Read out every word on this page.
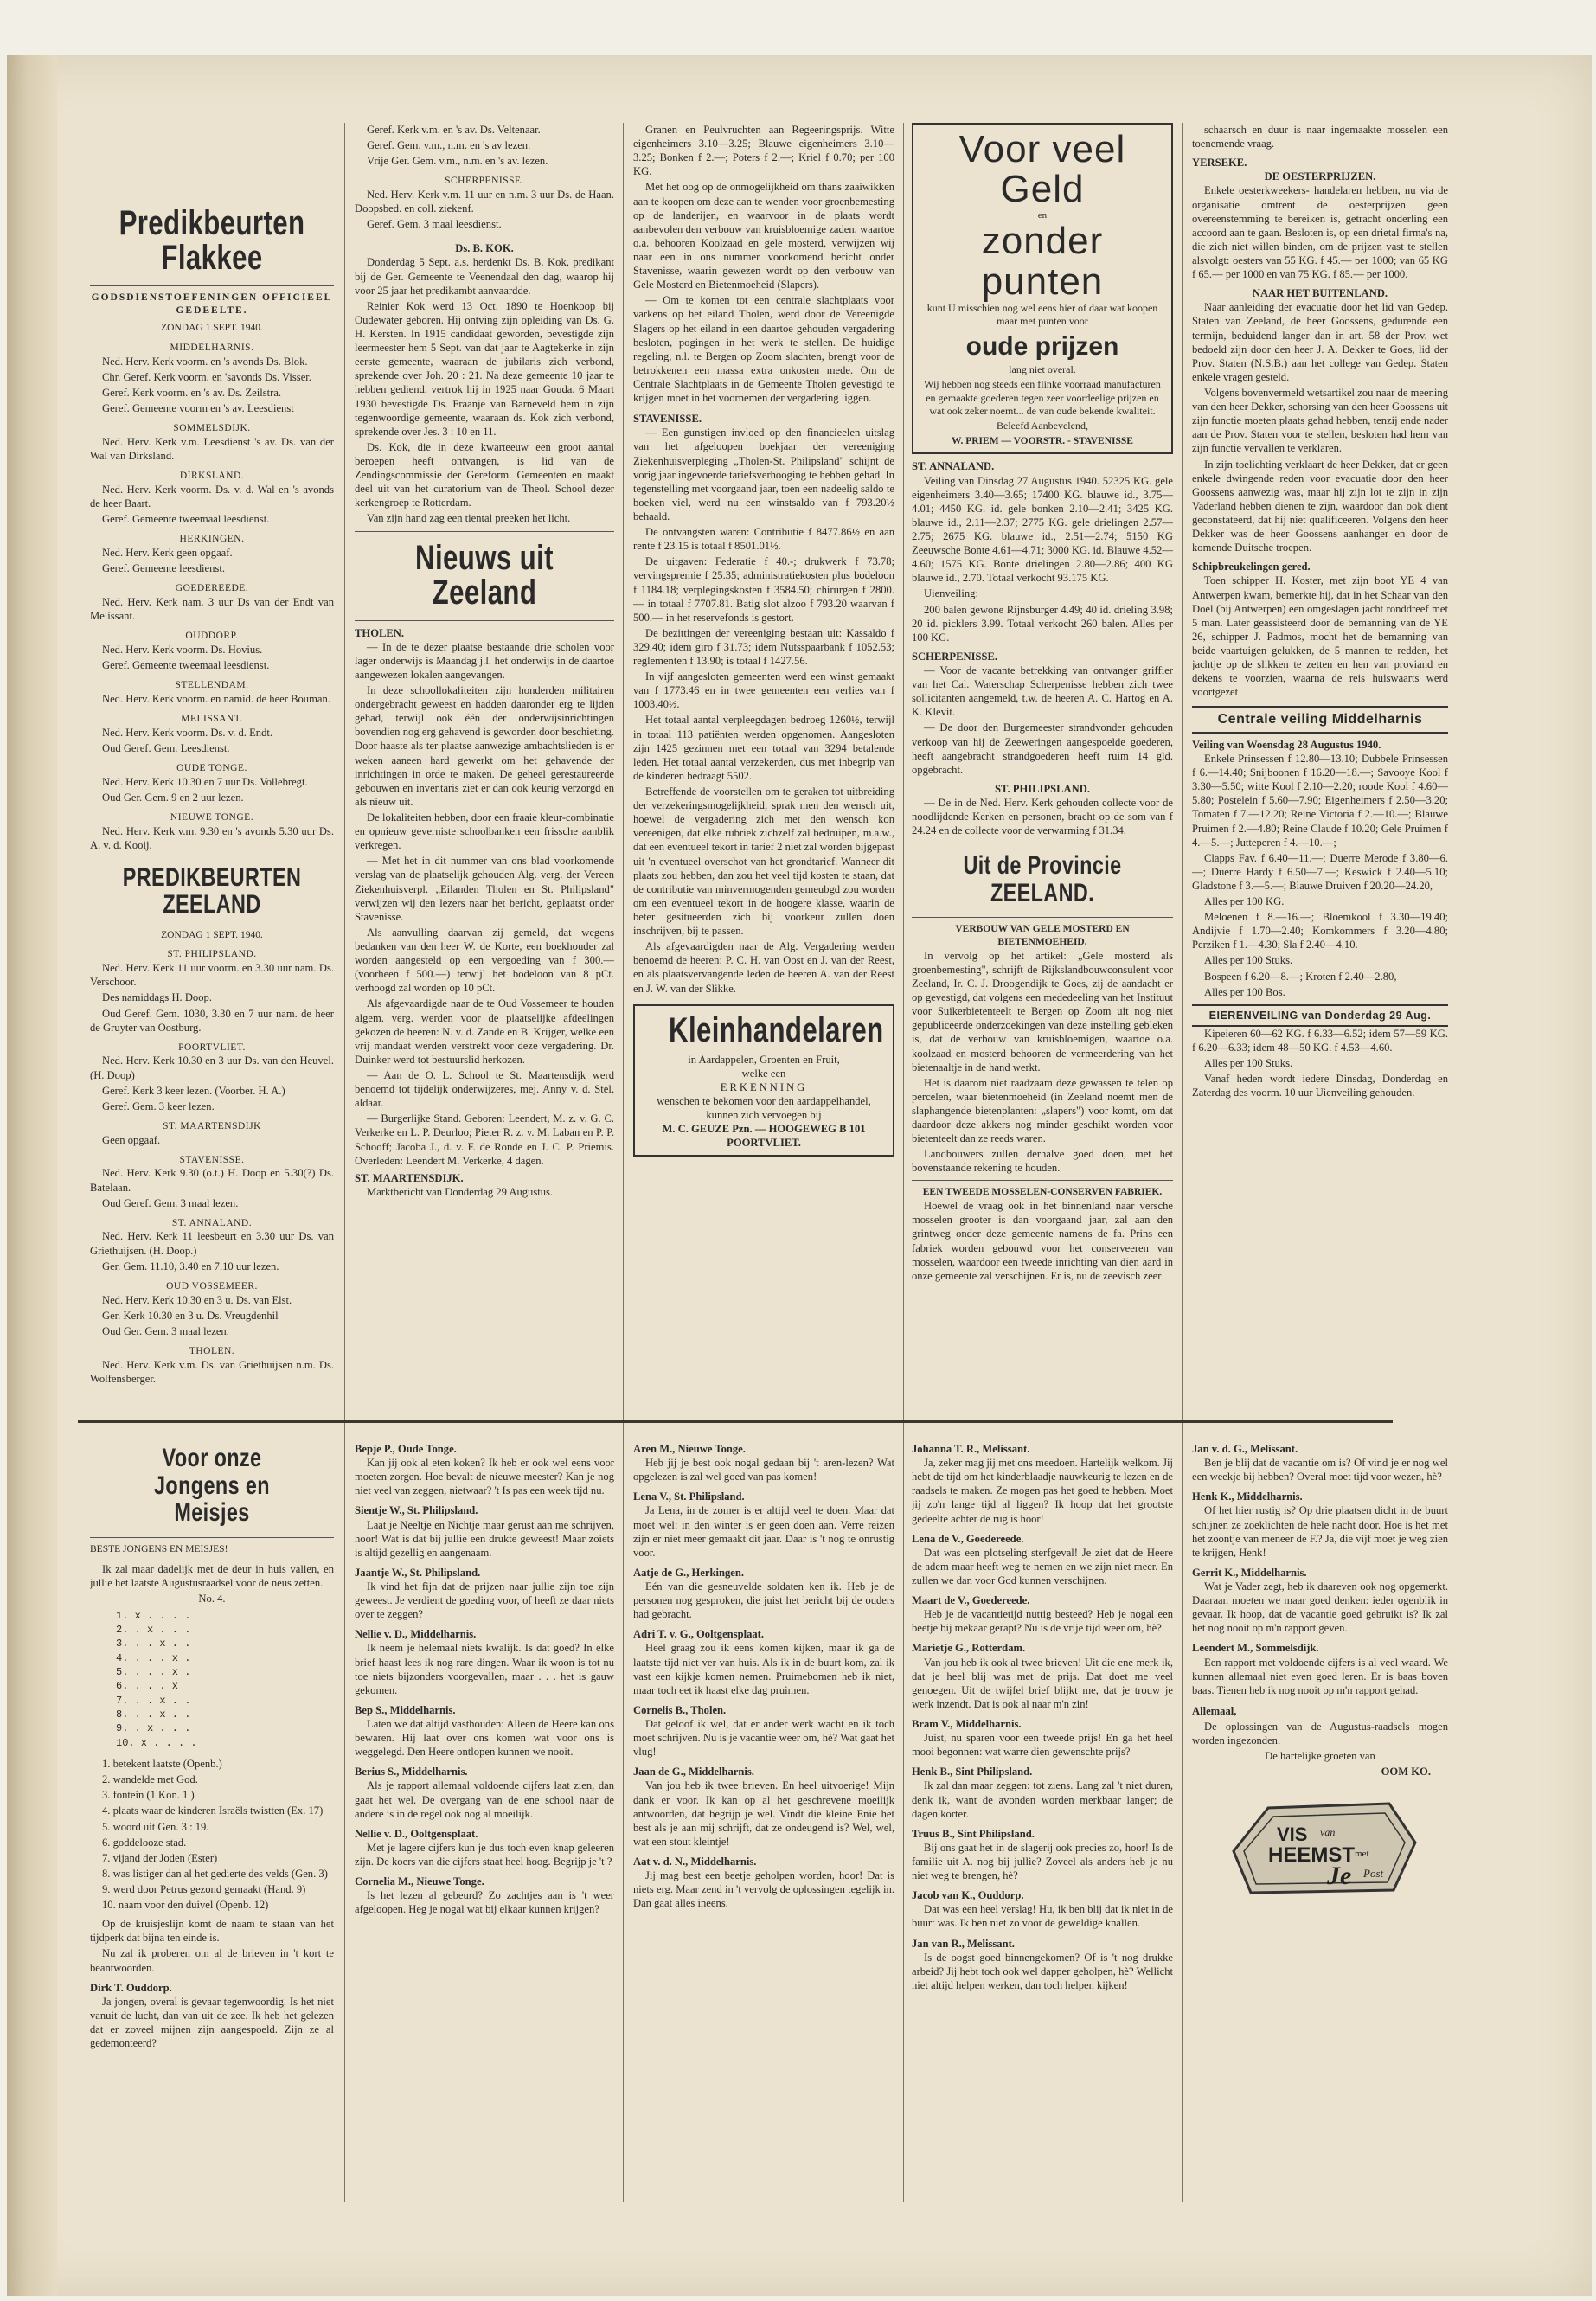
Predikbeurten Flakkee
GODSDIENSTOEFENINGEN OFFICIEEL GEDEELTE.
ZONDAG 1 SEPT. 1940.
MIDDELHARNIS.

Ned. Herv. Kerk voorm. en 's avonds Ds. Blok.

Chr. Geref. Kerk voorm. en 'savonds Ds. Visser.

Geref. Kerk voorm. en 's av. Ds. Zeilstra.

Geref. Gemeente voorm en 's av. Leesdienst

SOMMELSDIJK.

Ned. Herv. Kerk v.m. Leesdienst 's av. Ds. van der Wal van Dirksland.

DIRKSLAND.

Ned. Herv. Kerk voorm. Ds. v. d. Wal en 's avonds de heer Baart.

Geref. Gemeente tweemaal leesdienst.

HERKINGEN.

Ned. Herv. Kerk geen opgaaf.

Geref. Gemeente leesdienst.

GOEDEREEDE.

Ned. Herv. Kerk nam. 3 uur Ds van der Endt van Melissant.

OUDDORP.

Ned. Herv. Kerk voorm. Ds. Hovius.

Geref. Gemeente tweemaal leesdienst.

STELLENDAM.

Ned. Herv. Kerk voorm. en namid. de heer Bouman.

MELISSANT.

Ned. Herv. Kerk voorm. Ds. v. d. Endt.

Oud Geref. Gem. Leesdienst.

OUDE TONGE.

Ned. Herv. Kerk 10.30 en 7 uur Ds. Vollebregt.

Oud Ger. Gem. 9 en 2 uur lezen.

NIEUWE TONGE.

Ned. Herv. Kerk v.m. 9.30 en 's avonds 5.30 uur Ds. A. v. d. Kooij.

PREDIKBEURTEN ZEELAND
ZONDAG 1 SEPT. 1940.
ST. PHILIPSLAND.

Ned. Herv. Kerk 11 uur voorm. en 3.30 uur nam. Ds. Verschoor.

Des namiddags H. Doop.

Oud Geref. Gem. 1030, 3.30 en 7 uur nam. de heer de Gruyter van Oostburg.

POORTVLIET.

Ned. Herv. Kerk 10.30 en 3 uur Ds. van den Heuvel. (H. Doop)

Geref. Kerk 3 keer lezen. (Voorber. H. A.)

Geref. Gem. 3 keer lezen.

ST. MAARTENSDIJK

Geen opgaaf.

STAVENISSE.

Ned. Herv. Kerk 9.30 (o.t.) H. Doop en 5.30(?) Ds. Batelaan.

Oud Geref. Gem. 3 maal lezen.

ST. ANNALAND.

Ned. Herv. Kerk 11 leesbeurt en 3.30 uur Ds. van Griethuijsen. (H. Doop.)

Ger. Gem. 11.10, 3.40 en 7.10 uur lezen.

OUD VOSSEMEER.

Ned. Herv. Kerk 10.30 en 3 u. Ds. van Elst.

Ger. Kerk 10.30 en 3 u. Ds. Vreugdenhil

Oud Ger. Gem. 3 maal lezen.

THOLEN.

Ned. Herv. Kerk v.m. Ds. van Griethuijsen n.m. Ds. Wolfensberger.

Geref. Kerk v.m. en 's av. Ds. Veltenaar.

Geref. Gem. v.m., n.m. en 's av lezen.

Vrije Ger. Gem. v.m., n.m. en 's av. lezen.

SCHERPENISSE.

Ned. Herv. Kerk v.m. 11 uur en n.m. 3 uur Ds. de Haan. Doopsbed. en coll. ziekenf.

Geref. Gem. 3 maal leesdienst.

Ds. B. KOK.

Donderdag 5 Sept. a.s. herdenkt Ds. B. Kok, predikant bij de Ger. Gemeente te Veenendaal den dag, waarop hij voor 25 jaar het predikambt aanvaardde.

Reinier Kok werd 13 Oct. 1890 te Hoenkoop bij Oudewater geboren. Hij ontving zijn opleiding van Ds. G. H. Kersten. In 1915 candidaat geworden, bevestigde zijn leermeester hem 5 Sept. van dat jaar te Aagtekerke in zijn eerste gemeente, waaraan de jubilaris zich verbond, sprekende over Joh. 20 : 21. Na deze gemeente 10 jaar te hebben gediend, vertrok hij in 1925 naar Gouda. 6 Maart 1930 bevestigde Ds. Fraanje van Barneveld hem in zijn tegenwoordige gemeente, waaraan ds. Kok zich verbond, sprekende over Jes. 3 : 10 en 11.

Ds. Kok, die in deze kwarteeuw een groot aantal beroepen heeft ontvangen, is lid van de Zendingscommissie der Gereform. Gemeenten en maakt deel uit van het curatorium van de Theol. School dezer kerkengroep te Rotterdam.

Van zijn hand zag een tiental preeken het licht.

Nieuws uit Zeeland
THOLEN.

— In de te dezer plaatse bestaande drie scholen voor lager onderwijs is Maandag j.l. het onderwijs in de daartoe aangewezen lokalen aangevangen.

In deze schoollokaliteiten zijn honderden militairen ondergebracht geweest en hadden daaronder erg te lijden gehad, terwijl ook één der onderwijsinrichtingen bovendien nog erg gehavend is geworden door beschieting. Door haaste als ter plaatse aanwezige ambachtslieden is er weken aaneen hard gewerkt om het gehavende der inrichtingen in orde te maken. De geheel gerestaureerde gebouwen en inventaris ziet er dan ook keurig verzorgd en als nieuw uit.

De lokaliteiten hebben, door een fraaie kleur-combinatie en opnieuw geverniste schoolbanken een frissche aanblik verkregen.

— Met het in dit nummer van ons blad voorkomende verslag van de plaatselijk gehouden Alg. verg. der Vereen Ziekenhuisverpl. „Eilanden Tholen en St. Philipsland" verwijzen wij den lezers naar het bericht, geplaatst onder Stavenisse.

Als aanvulling daarvan zij gemeld, dat wegens bedanken van den heer W. de Korte, een boekhouder zal worden aangesteld op een vergoeding van f 300.— (voorheen f 500.—) terwijl het bodeloon van 8 pCt. verhoogd zal worden op 10 pCt.

Als afgevaardigde naar de te Oud Vossemeer te houden algem. verg. werden voor de plaatselijke afdeelingen gekozen de heeren: N. v. d. Zande en B. Krijger, welke een vrij mandaat werden verstrekt voor deze vergadering. Dr. Duinker werd tot bestuurslid herkozen.

— Aan de O. L. School te St. Maartensdijk werd benoemd tot tijdelijk onderwijzeres, mej. Anny v. d. Stel, aldaar.

— Burgerlijke Stand. Geboren: Leendert, M. z. v. G. C. Verkerke en L. P. Deurloo; Pieter R. z. v. M. Laban en P. P. Schooff; Jacoba J., d. v. F. de Ronde en J. C. P. Priemis. Overleden: Leendert M. Verkerke, 4 dagen.

ST. MAARTENSDIJK.

Marktbericht van Donderdag 29 Augustus.

Granen en Peulvruchten aan Regeeringsprijs. Witte eigenheimers 3.10—3.25; Blauwe eigenheimers 3.10—3.25; Bonken f 2.—; Poters f 2.—; Kriel f 0.70; per 100 KG.

Met het oog op de onmogelijkheid om thans zaaiwikken aan te koopen om deze aan te wenden voor groenbemesting op de landerijen, en waarvoor in de plaats wordt aanbevolen den verbouw van kruisbloemige zaden, waartoe o.a. behooren Koolzaad en gele mosterd, verwijzen wij naar een in ons nummer voorkomend bericht onder Stavenisse, waarin gewezen wordt op den verbouw van Gele Mosterd en Bietenmoeheid (Slapers).

— Om te komen tot een centrale slachtplaats voor varkens op het eiland Tholen, werd door de Vereenigde Slagers op het eiland in een daartoe gehouden vergadering besloten, pogingen in het werk te stellen. De huidige regeling, n.l. te Bergen op Zoom slachten, brengt voor de betrokkenen een massa extra onkosten mede. Om de Centrale Slachtplaats in de Gemeente Tholen gevestigd te krijgen moet in het voornemen der vergadering liggen.

STAVENISSE.

— Een gunstigen invloed op den financieelen uitslag van het afgeloopen boekjaar der vereeniging Ziekenhuisverpleging „Tholen-St. Philipsland" schijnt de vorig jaar ingevoerde tariefsverhooging te hebben gehad. In tegenstelling met voorgaand jaar, toen een nadeelig saldo te boeken viel, werd nu een winstsaldo van f 793.20½ behaald.

De ontvangsten waren: Contributie f 8477.86½ en aan rente f 23.15 is totaal f 8501.01½.

De uitgaven: Federatie f 40.-; drukwerk f 73.78; vervingspremie f 25.35; administratiekosten plus bodeloon f 1184.18; verplegingskosten f 3584.50; chirurgen f 2800.— in totaal f 7707.81. Batig slot alzoo f 793.20 waarvan f 500.— in het reservefonds is gestort.

De bezittingen der vereeniging bestaan uit: Kassaldo f 329.40; idem giro f 31.73; idem Nutsspaarbank f 1052.53; reglementen f 13.90; is totaal f 1427.56.

In vijf aangesloten gemeenten werd een winst gemaakt van f 1773.46 en in twee gemeenten een verlies van f 1003.40½.

Het totaal aantal verpleegdagen bedroeg 1260½, terwijl in totaal 113 patiënten werden opgenomen. Aangesloten zijn 1425 gezinnen met een totaal van 3294 betalende leden. Het totaal aantal verzekerden, dus met inbegrip van de kinderen bedraagt 5502.

Betreffende de voorstellen om te geraken tot uitbreiding der verzekeringsmogelijkheid, sprak men den wensch uit, hoewel de vergadering zich met den wensch kon vereenigen, dat elke rubriek zichzelf zal bedruipen, m.a.w., dat een eventueel tekort in tarief 2 niet zal worden bijgepast uit 'n eventueel overschot van het grondtarief. Wanneer dit plaats zou hebben, dan zou het veel tijd kosten te staan, dat de contributie van minvermogenden gemeubgd zou worden om een eventueel tekort in de hoogere klasse, waarin de beter gesitueerden zich bij voorkeur zullen doen inschrijven, bij te passen.

Als afgevaardigden naar de Alg. Vergadering werden benoemd de heeren: P. C. H. van Oost en J. van der Reest, en als plaatsvervangende leden de heeren A. van der Reest en J. W. van der Slikke.

Kleinhandelaren
in Aardappelen, Groenten en Fruit,
welke een
ERKENNING
wenschen te bekomen voor den aardappelhandel, kunnen zich vervoegen bij
M. C. GEUZE Pzn. — HOOGEWEG B 101
POORTVLIET.
Voor veel Geld
en
zonder punten

kunt U misschien nog wel eens hier of daar wat koopen maar met punten voor

oude prijzen

lang niet overal.

Wij hebben nog steeds een flinke voorraad manufacturen en gemaakte goederen tegen zeer voordeelige prijzen en wat ook zeker noemt... de van oude bekende kwaliteit.

Beleefd Aanbevelend,

W. PRIEM — VOORSTR. - STAVENISSE
ST. ANNALAND.

Veiling van Dinsdag 27 Augustus 1940. 52325 KG. gele eigenheimers 3.40—3.65; 17400 KG. blauwe id., 3.75—4.01; 4450 KG. id. gele bonken 2.10—2.41; 3425 KG. blauwe id., 2.11—2.37; 2775 KG. gele drielingen 2.57—2.75; 2675 KG. blauwe id., 2.51—2.74; 5150 KG Zeeuwsche Bonte 4.61—4.71; 3000 KG. id. Blauwe 4.52—4.60; 1575 KG. Bonte drielingen 2.80—2.86; 400 KG blauwe id., 2.70. Totaal verkocht 93.175 KG.

Uienveiling:

200 balen gewone Rijnsburger 4.49; 40 id. drieling 3.98; 20 id. picklers 3.99. Totaal verkocht 260 balen. Alles per 100 KG.

SCHERPENISSE.

— Voor de vacante betrekking van ontvanger griffier van het Cal. Waterschap Scherpenisse hebben zich twee sollicitanten aangemeld, t.w. de heeren A. C. Hartog en A. K. Klevit.

— De door den Burgemeester strandvonder gehouden verkoop van hij de Zeeweringen aangespoelde goederen, heeft aangebracht strandgoederen heeft ruim 14 gld. opgebracht.

ST. PHILIPSLAND.

— De in de Ned. Herv. Kerk gehouden collecte voor de noodlijdende Kerken en personen, bracht op de som van f 24.24 en de collecte voor de verwarming f 31.34.

Uit de Provincie ZEELAND.
VERBOUW VAN GELE MOSTERD EN BIETENMOEHEID.

In vervolg op het artikel: „Gele mosterd als groenbemesting", schrijft de Rijkslandbouwconsulent voor Zeeland, Ir. C. J. Droogendijk te Goes, zij de aandacht er op gevestigd, dat volgens een mededeeling van het Instituut voor Suikerbietenteelt te Bergen op Zoom uit nog niet gepubliceerde onderzoekingen van deze instelling gebleken is, dat de verbouw van kruisbloemigen, waartoe o.a. koolzaad en mosterd behooren de vermeerdering van het bietenaaltje in de hand werkt.

Het is daarom niet raadzaam deze gewassen te telen op percelen, waar bietenmoeheid (in Zeeland noemt men de slaphangende bietenplanten: „slapers") voor komt, om dat daardoor deze akkers nog minder geschikt worden voor bietenteelt dan ze reeds waren.

Landbouwers zullen derhalve goed doen, met het bovenstaande rekening te houden.

EEN TWEEDE MOSSELEN-CONSERVEN FABRIEK.

Hoewel de vraag ook in het binnenland naar versche mosselen grooter is dan voorgaand jaar, zal aan den grintweg onder deze gemeente namens de fa. Prins een fabriek worden gebouwd voor het conserveeren van mosselen, waardoor een tweede inrichting van dien aard in onze gemeente zal verschijnen. Er is, nu de zeevisch zeer

schaarsch en duur is naar ingemaakte mosselen een toenemende vraag.

YERSEKE.
DE OESTERPRIJZEN.

Enkele oesterkweekers- handelaren hebben, nu via de organisatie omtrent de oesterprijzen geen overeenstemming te bereiken is, getracht onderling een accoord aan te gaan. Besloten is, op een drietal firma's na, die zich niet willen binden, om de prijzen vast te stellen alsvolgt: oesters van 55 KG. f 45.— per 1000; van 65 KG f 65.— per 1000 en van 75 KG. f 85.— per 1000.

NAAR HET BUITENLAND.

Naar aanleiding der evacuatie door het lid van Gedep. Staten van Zeeland, de heer Goossens, gedurende een termijn, beduidend langer dan in art. 58 der Prov. wet bedoeld zijn door den heer J. A. Dekker te Goes, lid der Prov. Staten (N.S.B.) aan het college van Gedep. Staten enkele vragen gesteld.

Volgens bovenvermeld wetsartikel zou naar de meening van den heer Dekker, schorsing van den heer Goossens uit zijn functie moeten plaats gehad hebben, tenzij ende nader aan de Prov. Staten voor te stellen, besloten had hem van zijn functie vervallen te verklaren.

In zijn toelichting verklaart de heer Dekker, dat er geen enkele dwingende reden voor evacuatie door den heer Goossens aanwezig was, maar hij zijn lot te zijn in zijn Vaderland hebben dienen te zijn, waardoor dan ook dient geconstateerd, dat hij niet qualificeeren. Volgens den heer Dekker was de heer Goossens aanhanger en door de komende Duitsche troepen.

Schipbreukelingen gered.

Toen schipper H. Koster, met zijn boot YE 4 van Antwerpen kwam, bemerkte hij, dat in het Schaar van den Doel (bij Antwerpen) een omgeslagen jacht ronddreef met 5 man. Later geassisteerd door de bemanning van de YE 26, schipper J. Padmos, mocht het de bemanning van beide vaartuigen gelukken, de 5 mannen te redden, het jachtje op de slikken te zetten en hen van proviand en dekens te voorzien, waarna de reis huiswaarts werd voortgezet

Centrale veiling Middelharnis
Veiling van Woensdag 28 Augustus 1940.

Enkele Prinsessen f 12.80—13.10; Dubbele Prinsessen f 6.—14.40; Snijboonen f 16.20—18.—; Savooye Kool f 3.30—5.50; witte Kool f 2.10—2.20; roode Kool f 4.60—5.80; Postelein f 5.60—7.90; Eigenheimers f 2.50—3.20; Tomaten f 7.—12.20; Reine Victoria f 2.—10.—; Blauwe Pruimen f 2.—4.80; Reine Claude f 10.20; Gele Pruimen f 4.—5.—; Jutteperen f 4.—10.—;

Clapps Fav. f 6.40—11.—; Duerre Merode f 3.80—6.—; Duerre Hardy f 6.50—7.—; Keswick f 2.40—5.10; Gladstone f 3.—5.—; Blauwe Druiven f 20.20—24.20,

Alles per 100 KG.

Meloenen f 8.—16.—; Bloemkool f 3.30—19.40; Andijvie f 1.70—2.40; Komkommers f 3.20—4.80; Perziken f 1.—4.30; Sla f 2.40—4.10.

Alles per 100 Stuks.

Bospeen f 6.20—8.—; Kroten f 2.40—2.80,

Alles per 100 Bos.

EIERENVEILING van Donderdag 29 Aug.

Kipeieren 60—62 KG. f 6.33—6.52; idem 57—59 KG. f 6.20—6.33; idem 48—50 KG. f 4.53—4.60.

Alles per 100 Stuks.

Vanaf heden wordt iedere Dinsdag, Donderdag en Zaterdag des voorm. 10 uur Uienveiling gehouden.

Voor onze Jongens en Meisjes
BESTE JONGENS EN MEISJES!

Ik zal maar dadelijk met de deur in huis vallen, en jullie het laatste Augustusraadsel voor de neus zetten.

No. 4.
1. x . . . .
2. . x . . .
3. . . x . .
4. . . . x .
5. . . . x .
6. . . . x
7. . . x . .
8. . . x . .
9. . x . . .
10. x . . . .

1. betekent laatste (Openb.)

2. wandelde met God.

3. fontein (1 Kon. 1 )

4. plaats waar de kinderen Israëls twistten (Ex. 17)

5. woord uit Gen. 3 : 19.

6. goddelooze stad.

7. vijand der Joden (Ester)

8. was listiger dan al het gedierte des velds (Gen. 3)

9. werd door Petrus gezond gemaakt (Hand. 9)

10. naam voor den duivel (Openb. 12)

Op de kruisjeslijn komt de naam te staan van het tijdperk dat bijna ten einde is.

Nu zal ik proberen om al de brieven in 't kort te beantwoorden.

Dirk T. Ouddorp.

Ja jongen, overal is gevaar tegenwoordig. Is het niet vanuit de lucht, dan van uit de zee. Ik heb het gelezen dat er zoveel mijnen zijn aangespoeld. Zijn ze al gedemonteerd?

Bepje P., Oude Tonge.

Kan jij ook al eten koken? Ik heb er ook wel eens voor moeten zorgen. Hoe bevalt de nieuwe meester? Kan je nog niet veel van zeggen, nietwaar? 't Is pas een week tijd nu.

Sientje W., St. Philipsland.

Laat je Neeltje en Nichtje maar gerust aan me schrijven, hoor! Wat is dat bij jullie een drukte geweest! Maar zoiets is altijd gezellig en aangenaam.

Jaantje W., St. Philipsland.

Ik vind het fijn dat de prijzen naar jullie zijn toe zijn geweest. Je verdient de goeding voor, of heeft ze daar niets over te zeggen?

Nellie v. D., Middelharnis.

Ik neem je helemaal niets kwalijk. Is dat goed? In elke brief haast lees ik nog rare dingen. Waar ik woon is tot nu toe niets bijzonders voorgevallen, maar . . . het is gauw gekomen.

Bep S., Middelharnis.

Laten we dat altijd vasthouden: Alleen de Heere kan ons bewaren. Hij laat over ons komen wat voor ons is weggelegd. Den Heere ontlopen kunnen we nooit.

Berius S., Middelharnis.

Als je rapport allemaal voldoende cijfers laat zien, dan gaat het wel. De overgang van de ene school naar de andere is in de regel ook nog al moeilijk.

Nellie v. D., Ooltgensplaat.

Met je lagere cijfers kun je dus toch even knap geleeren zijn. De koers van die cijfers staat heel hoog. Begrijp je 't ?

Cornelia M., Nieuwe Tonge.

Is het lezen al gebeurd? Zo zachtjes aan is 't weer afgeloopen. Heg je nogal wat bij elkaar kunnen krijgen?

Aren M., Nieuwe Tonge.

Heb jij je best ook nogal gedaan bij 't aren-lezen? Wat opgelezen is zal wel goed van pas komen!

Lena V., St. Philipsland.

Ja Lena, in de zomer is er altijd veel te doen. Maar dat moet wel: in den winter is er geen doen aan. Verre reizen zijn er niet meer gemaakt dit jaar. Daar is 't nog te onrustig voor.

Aatje de G., Herkingen.

Eén van die gesneuvelde soldaten ken ik. Heb je de personen nog gesproken, die juist het bericht bij de ouders had gebracht.

Adri T. v. G., Ooltgensplaat.

Heel graag zou ik eens komen kijken, maar ik ga de laatste tijd niet ver van huis. Als ik in de buurt kom, zal ik vast een kijkje komen nemen. Pruimebomen heb ik niet, maar toch eet ik haast elke dag pruimen.

Cornelis B., Tholen.

Dat geloof ik wel, dat er ander werk wacht en ik toch moet schrijven. Nu is je vacantie weer om, hè? Wat gaat het vlug!

Jaan de G., Middelharnis.

Van jou heb ik twee brieven. En heel uitvoerige! Mijn dank er voor. Ik kan op al het geschrevene moeilijk antwoorden, dat begrijp je wel. Vindt die kleine Enie het best als je aan mij schrijft, dat ze ondeugend is? Wel, wel, wat een stout kleintje!

Aat v. d. N., Middelharnis.

Jij mag best een beetje geholpen worden, hoor! Dat is niets erg. Maar zend in 't vervolg de oplossingen tegelijk in. Dan gaat alles ineens.

Johanna T. R., Melissant.

Ja, zeker mag jij met ons meedoen. Hartelijk welkom. Jij hebt de tijd om het kinderblaadje nauwkeurig te lezen en de raadsels te maken. Ze mogen pas het goed te hebben. Moet jij zo'n lange tijd al liggen? Ik hoop dat het grootste gedeelte achter de rug is hoor!

Lena de V., Goedereede.

Dat was een plotseling sterfgeval! Je ziet dat de Heere de adem maar heeft weg te nemen en we zijn niet meer. En zullen we dan voor God kunnen verschijnen.

Maart de V., Goedereede.

Heb je de vacantietijd nuttig besteed? Heb je nogal een beetje bij mekaar gerapt? Nu is de vrije tijd weer om, hè?

Marietje G., Rotterdam.

Van jou heb ik ook al twee brieven! Uit die ene merk ik, dat je heel blij was met de prijs. Dat doet me veel genoegen. Uit de twijfel brief blijkt me, dat je trouw je werk inzendt. Dat is ook al naar m'n zin!

Bram V., Middelharnis.

Juist, nu sparen voor een tweede prijs! En ga het heel mooi begonnen: wat warre dien gewenschte prijs?

Henk B., Sint Philipsland.

Ik zal dan maar zeggen: tot ziens. Lang zal 't niet duren, denk ik, want de avonden worden merkbaar langer; de dagen korter.

Truus B., Sint Philipsland.

Bij ons gaat het in de slagerij ook precies zo, hoor! Is de familie uit A. nog bij jullie? Zoveel als anders heb je nu niet weg te brengen, hè?

Jacob van K., Ouddorp.

Dat was een heel verslag! Hu, ik ben blij dat ik niet in de buurt was. Ik ben niet zo voor de geweldige knallen.

Jan van R., Melissant.

Is de oogst goed binnengekomen? Of is 't nog drukke arbeid? Jij hebt toch ook wel dapper geholpen, hè? Wellicht niet altijd helpen werken, dan toch helpen kijken!

Jan v. d. G., Melissant.

Ben je blij dat de vacantie om is? Of vind je er nog wel een weekje bij hebben? Overal moet tijd voor wezen, hè?

Henk K., Middelharnis.

Of het hier rustig is? Op drie plaatsen dicht in de buurt schijnen ze zoeklichten de hele nacht door. Hoe is het met het zoontje van meneer de F.? Ja, die vijf moet je weg zien te krijgen, Henk!

Gerrit K., Middelharnis.

Wat je Vader zegt, heb ik daareven ook nog opgemerkt. Daaraan moeten we maar goed denken: ieder ogenblik in gevaar. Ik hoop, dat de vacantie goed gebruikt is? Ik zal het nog nooit op m'n rapport geven.

Leendert M., Sommelsdijk.

Een rapport met voldoende cijfers is al veel waard. We kunnen allemaal niet even goed leren. Er is baas boven baas. Tienen heb ik nog nooit op m'n rapport gehad.

Allemaal,

De oplossingen van de Augustus-raadsels mogen worden ingezonden.

De hartelijke groeten van

OOM KO.
VIS van
HEEMST met
Je Post
